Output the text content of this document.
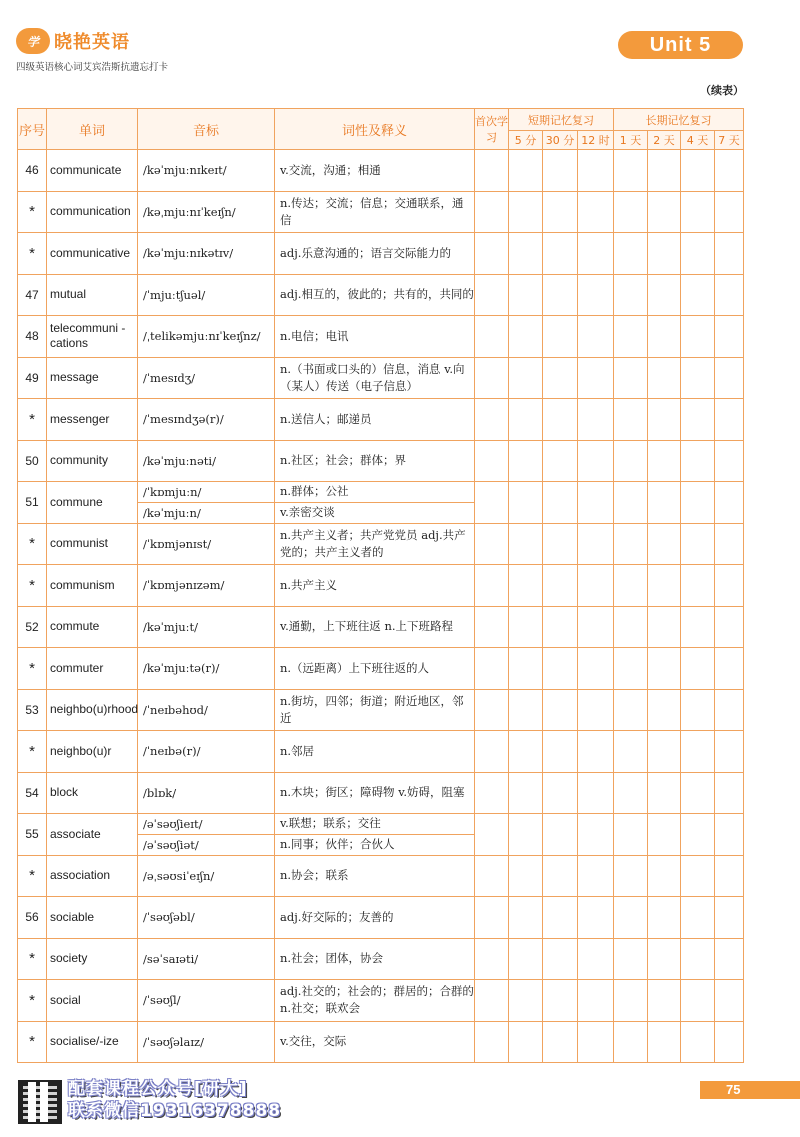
学 晓艳英语
四级英语核心词艾宾浩斯抗遗忘打卡
Unit 5
（续表）
序号	单词	音标	词性及释义	首次学习	短期记忆复习			长期记忆复习			
					5 分	30 分	12 时	1 天	2 天	4 天	7 天
46	communicate	/kəˈmjuːnɪkeɪt/	v.交流，沟通；相通								
*	communication	/kəˌmjuːnɪˈkeɪʃn/	n.传达；交流；信息；交通联系，通信								
*	communicative	/kəˈmjuːnɪkətɪv/	adj.乐意沟通的；语言交际能力的								
47	mutual	/ˈmjuːtʃuəl/	adj.相互的，彼此的；共有的，共同的								
48	telecommuni -cations	/ˌtelikəmjuːnɪˈkeɪʃnz/	n.电信；电讯								
49	message	/ˈmesɪdʒ/	n.（书面或口头的）信息，消息 v.向（某人）传送（电子信息）								
*	messenger	/ˈmesɪndʒə(r)/	n.送信人；邮递员								
50	community	/kəˈmjuːnəti/	n.社区；社会；群体；界								
51	commune	/ˈkɒmjuːn/	n.群体；公社								
		/kəˈmjuːn/	v.亲密交谈								
*	communist	/ˈkɒmjənɪst/	n.共产主义者；共产党党员 adj.共产党的；共产主义者的								
*	communism	/ˈkɒmjənɪzəm/	n.共产主义								
52	commute	/kəˈmjuːt/	v.通勤，上下班往返 n.上下班路程								
*	commuter	/kəˈmjuːtə(r)/	n.（远距离）上下班往返的人								
53	neighbo(u)rhood	/ˈneɪbəhʊd/	n.街坊，四邻；街道；附近地区，邻近								
*	neighbo(u)r	/ˈneɪbə(r)/	n.邻居								
54	block	/blɒk/	n.木块；街区；障碍物 v.妨碍，阻塞								
55	associate	/əˈsəʊʃieɪt/	v.联想；联系；交往								
		/əˈsəʊʃiət/	n.同事；伙伴；合伙人								
*	association	/əˌsəʊsiˈeɪʃn/	n.协会；联系								
56	sociable	/ˈsəʊʃəbl/	adj.好交际的；友善的								
*	society	/səˈsaɪəti/	n.社会；团体，协会								
*	social	/ˈsəʊʃl/	adj.社交的；社会的；群居的；合群的 n.社交；联欢会								
*	socialise/-ize	/ˈsəʊʃəlaɪz/	v.交往，交际								
配套课程公众号[研大]
联系微信19316378888
75
